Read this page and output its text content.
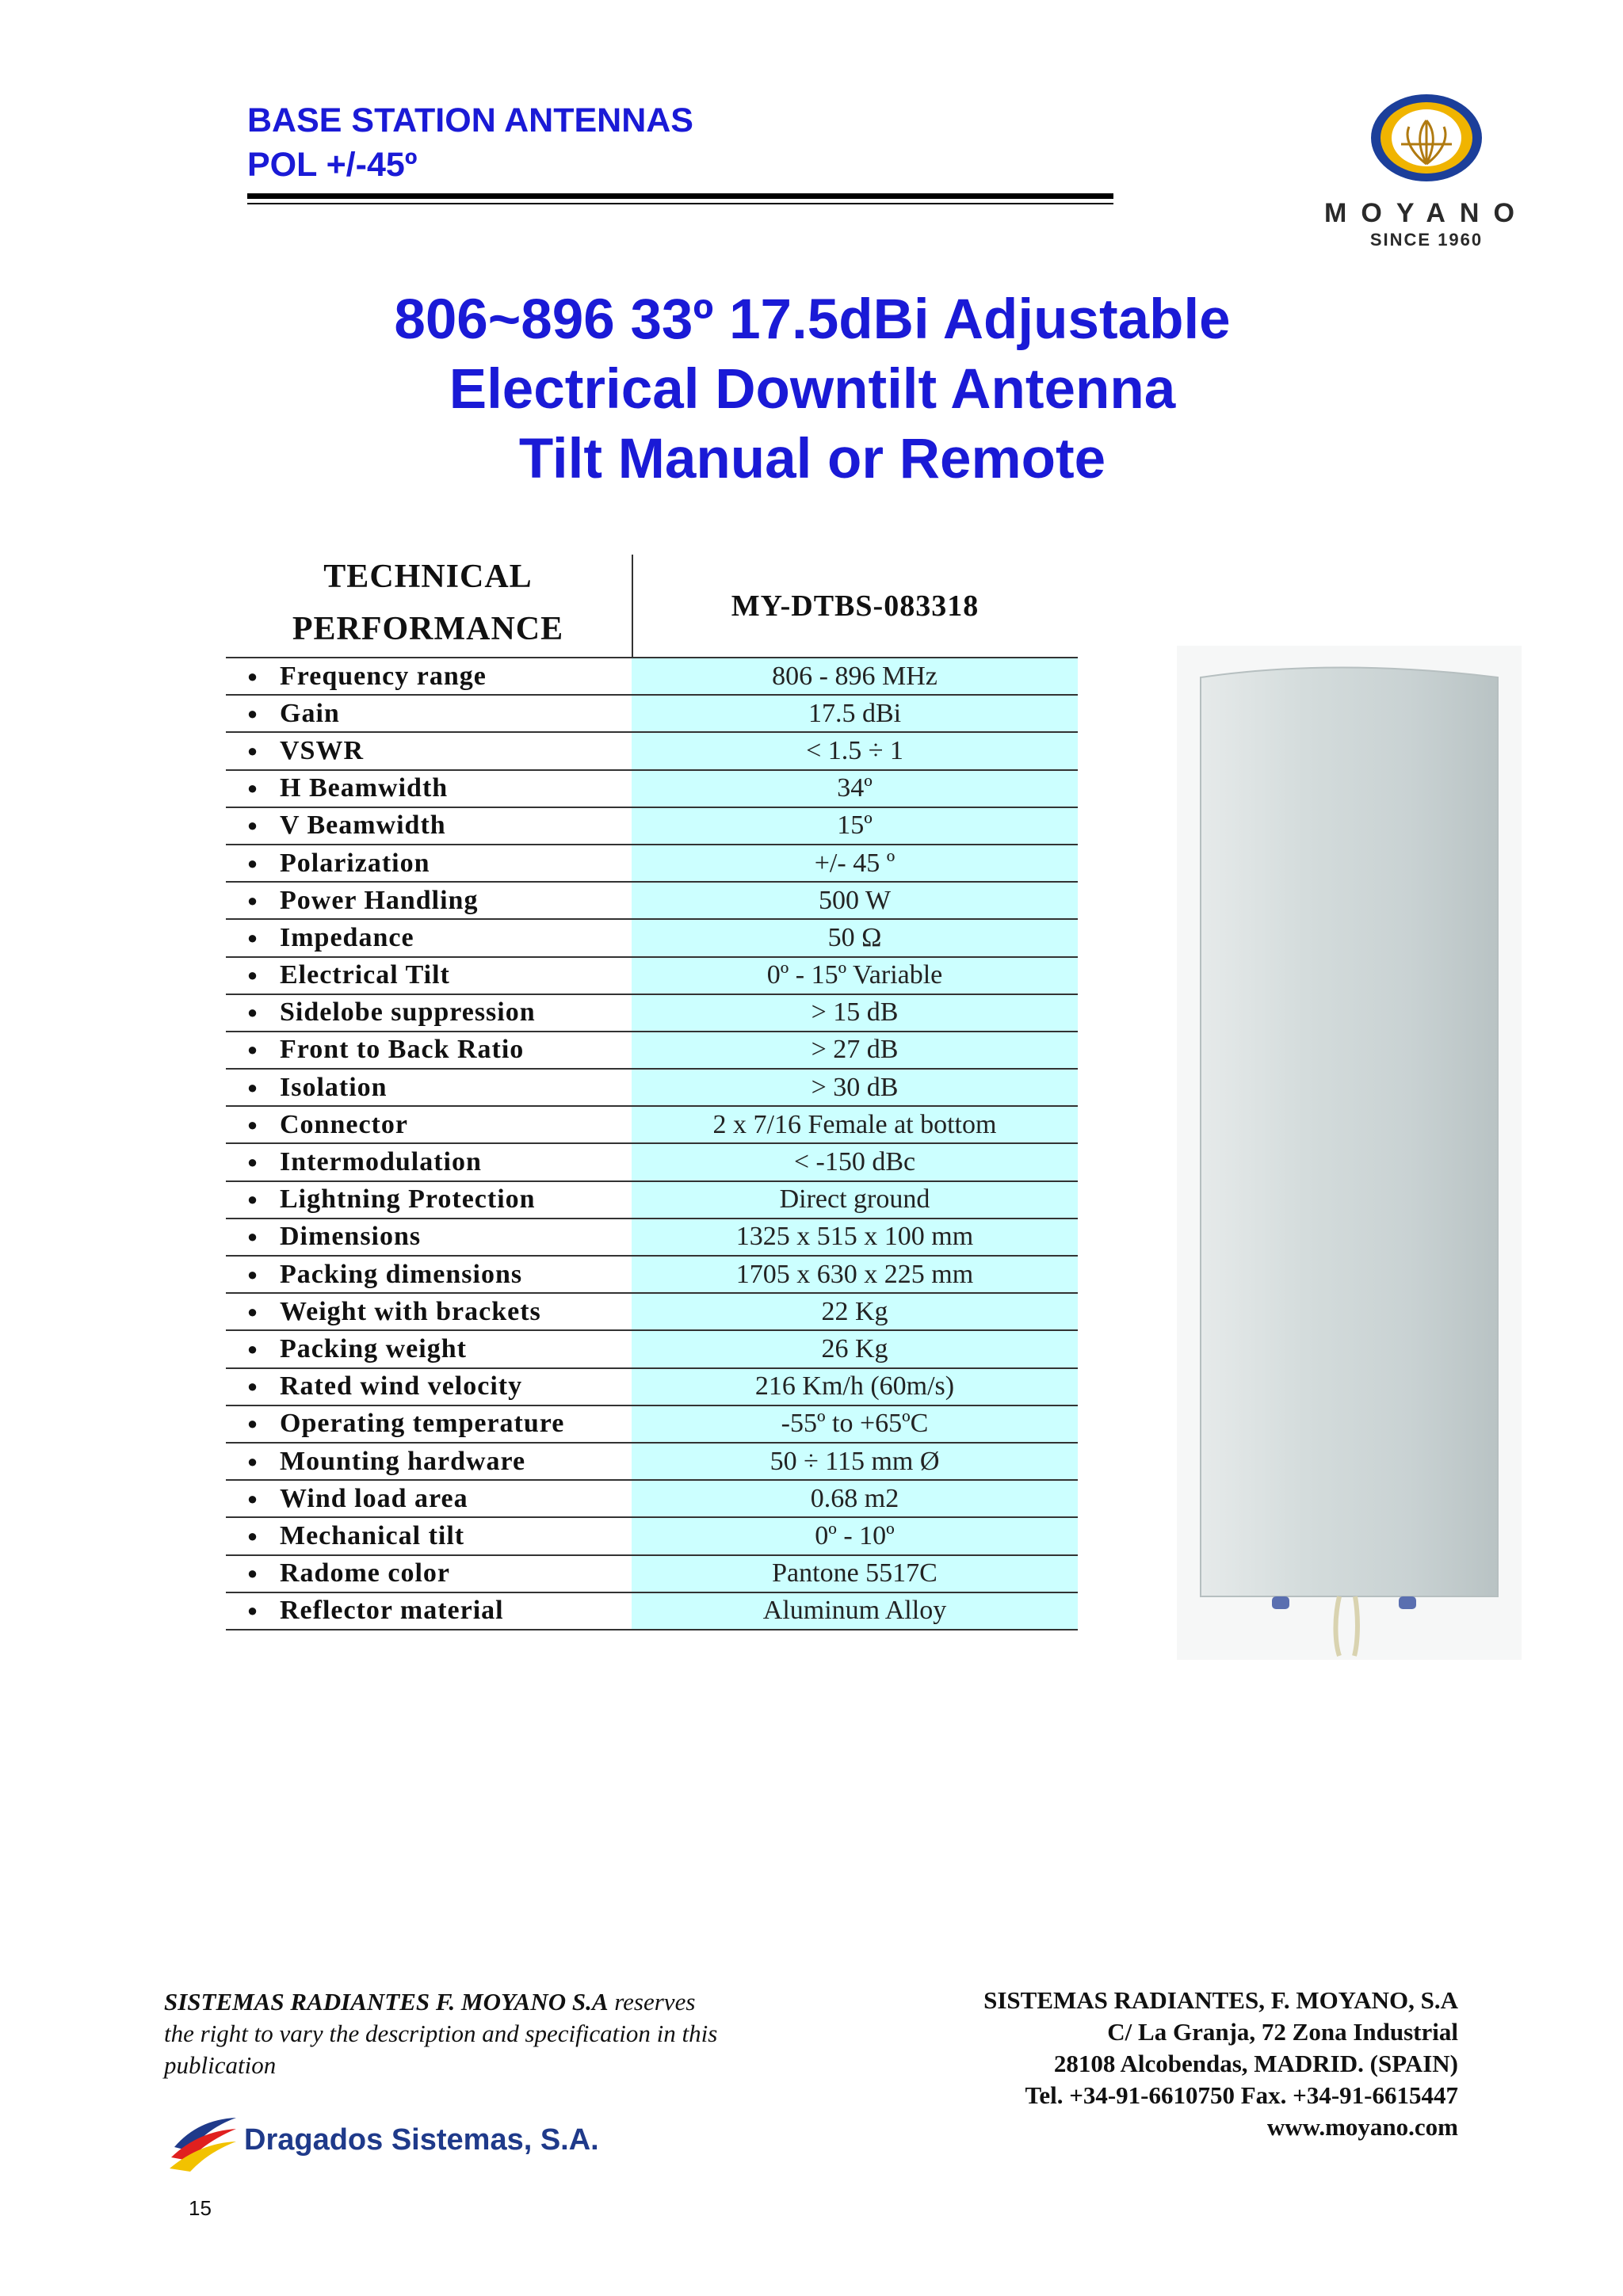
BASE STATION ANTENNAS
POL +/-45º
MOYANO
SINCE 1960
806~896 33º 17.5dBi Adjustable
Electrical Downtilt Antenna
Tilt Manual or Remote
TECHNICAL
PERFORMANCE
MY-DTBS-083318
● Frequency range	806 - 896 MHz
● Gain	17.5 dBi
● VSWR	< 1.5 ÷ 1
● H Beamwidth	34º
● V Beamwidth	15º
● Polarization	+/- 45 º
● Power Handling	500 W
● Impedance	50 Ω
● Electrical Tilt	0º - 15º Variable
● Sidelobe suppression	> 15 dB
● Front to Back Ratio	> 27 dB
● Isolation	> 30 dB
● Connector	2 x 7/16 Female at bottom
● Intermodulation	< -150 dBc
● Lightning Protection	Direct ground
● Dimensions	1325 x 515 x 100 mm
● Packing dimensions	1705 x 630 x 225 mm
● Weight with brackets	22 Kg
● Packing weight	26 Kg
● Rated wind velocity	216 Km/h (60m/s)
● Operating temperature	-55º to +65ºC
● Mounting hardware	50 ÷ 115 mm Ø
● Wind load area	0.68 m2
● Mechanical tilt	0º - 10º
● Radome color	Pantone 5517C
● Reflector material	Aluminum Alloy
SISTEMAS RADIANTES F. MOYANO S.A reserves
the right to vary the description and specification in this
publication
SISTEMAS RADIANTES, F. MOYANO, S.A
C/ La Granja, 72 Zona Industrial
28108 Alcobendas, MADRID. (SPAIN)
Tel. +34-91-6610750 Fax. +34-91-6615447
www.moyano.com
Dragados Sistemas, S.A.
15
